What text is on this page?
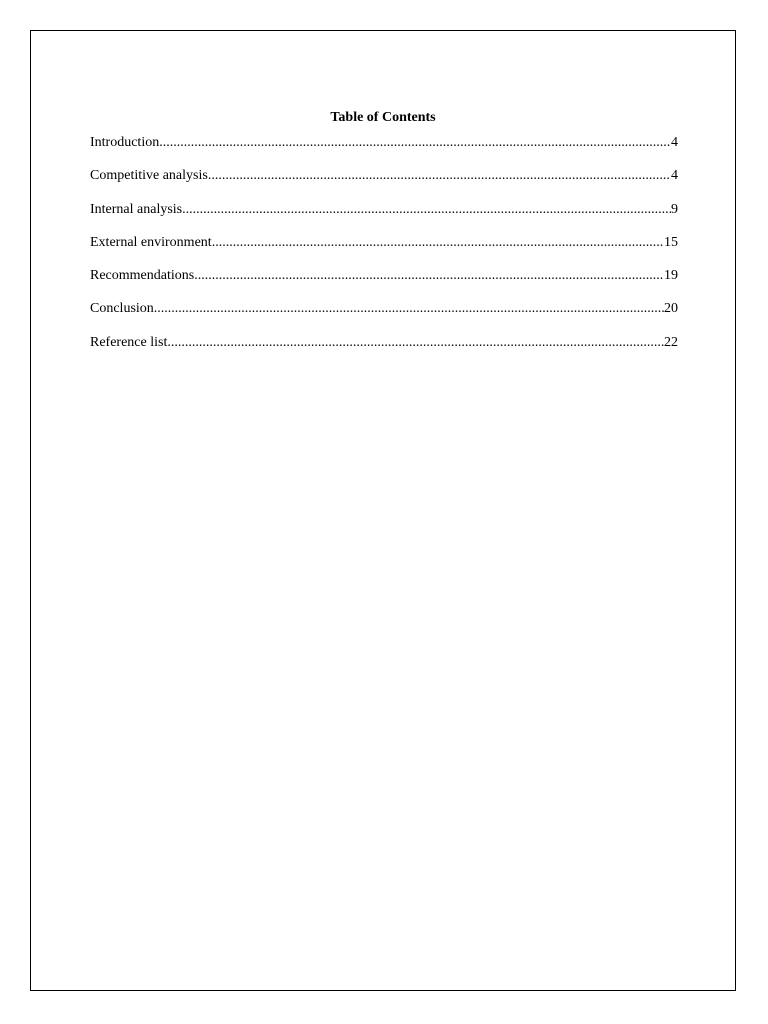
Table of Contents
Introduction .....	4
Competitive analysis .....	4
Internal analysis .....	9
External environment .....	15
Recommendations .....	19
Conclusion .....	20
Reference list .....	22
